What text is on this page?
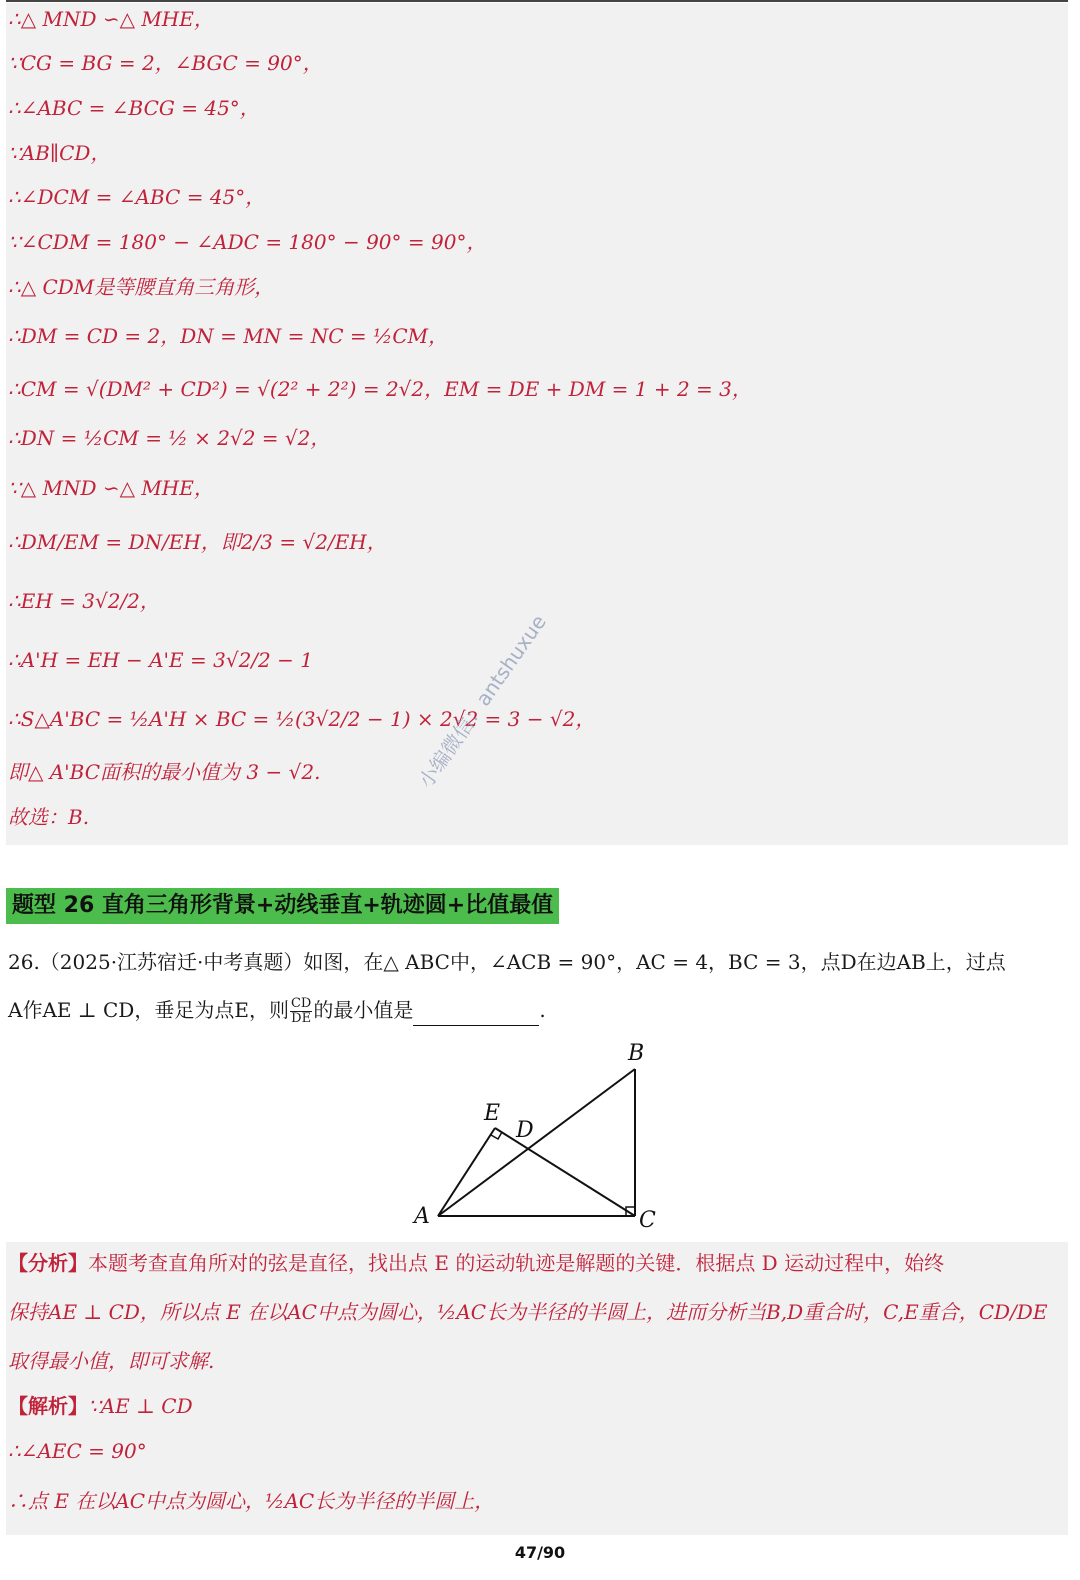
∴△ MND ∽△ MHE，
∵CG = BG = 2，∠BGC = 90°，
∴∠ABC = ∠BCG = 45°，
∵AB∥CD，
∴∠DCM = ∠ABC = 45°，
∵∠CDM = 180° − ∠ADC = 180° − 90° = 90°，
∴△ CDM是等腰直角三角形，
∴DM = CD = 2，DN = MN = NC = ½CM，
∴CM = √(DM² + CD²) = √(2² + 2²) = 2√2，EM = DE + DM = 1 + 2 = 3，
∴DN = ½CM = ½ × 2√2 = √2，
∵△ MND ∽△ MHE，
∴DM/EM = DN/EH，即2/3 = √2/EH，
∴EH = 3√2/2，
∴A'H = EH − A'E = 3√2/2 − 1
∴S△A'BC = ½A'H × BC = ½(3√2/2 − 1) × 2√2 = 3 − √2，
即△ A'BC面积的最小值为 3 − √2.
故选：B.
小编微信：antshuxue
题型 26 直角三角形背景+动线垂直+轨迹圆+比值最值
26.（2025·江苏宿迁·中考真题）如图，在△ ABC中，∠ACB = 90°，AC = 4，BC = 3，点D在边AB上，过点
A作AE ⊥ CD，垂足为点E，则 $\frac{CD}{DE}$ 的最小值是	.
B
E
D
A	C
【分析】本题考查直角所对的弦是直径，找出点 E 的运动轨迹是解题的关键．根据点 D 运动过程中，始终
保持AE ⊥ CD，所以点 E 在以AC中点为圆心，½AC长为半径的半圆上，进而分析当B,D重合时，C,E重合，CD/DE
取得最小值，即可求解.
【解析】∵AE ⊥ CD
∴∠AEC = 90°
∴点 E 在以AC中点为圆心，½AC长为半径的半圆上，
47/90
